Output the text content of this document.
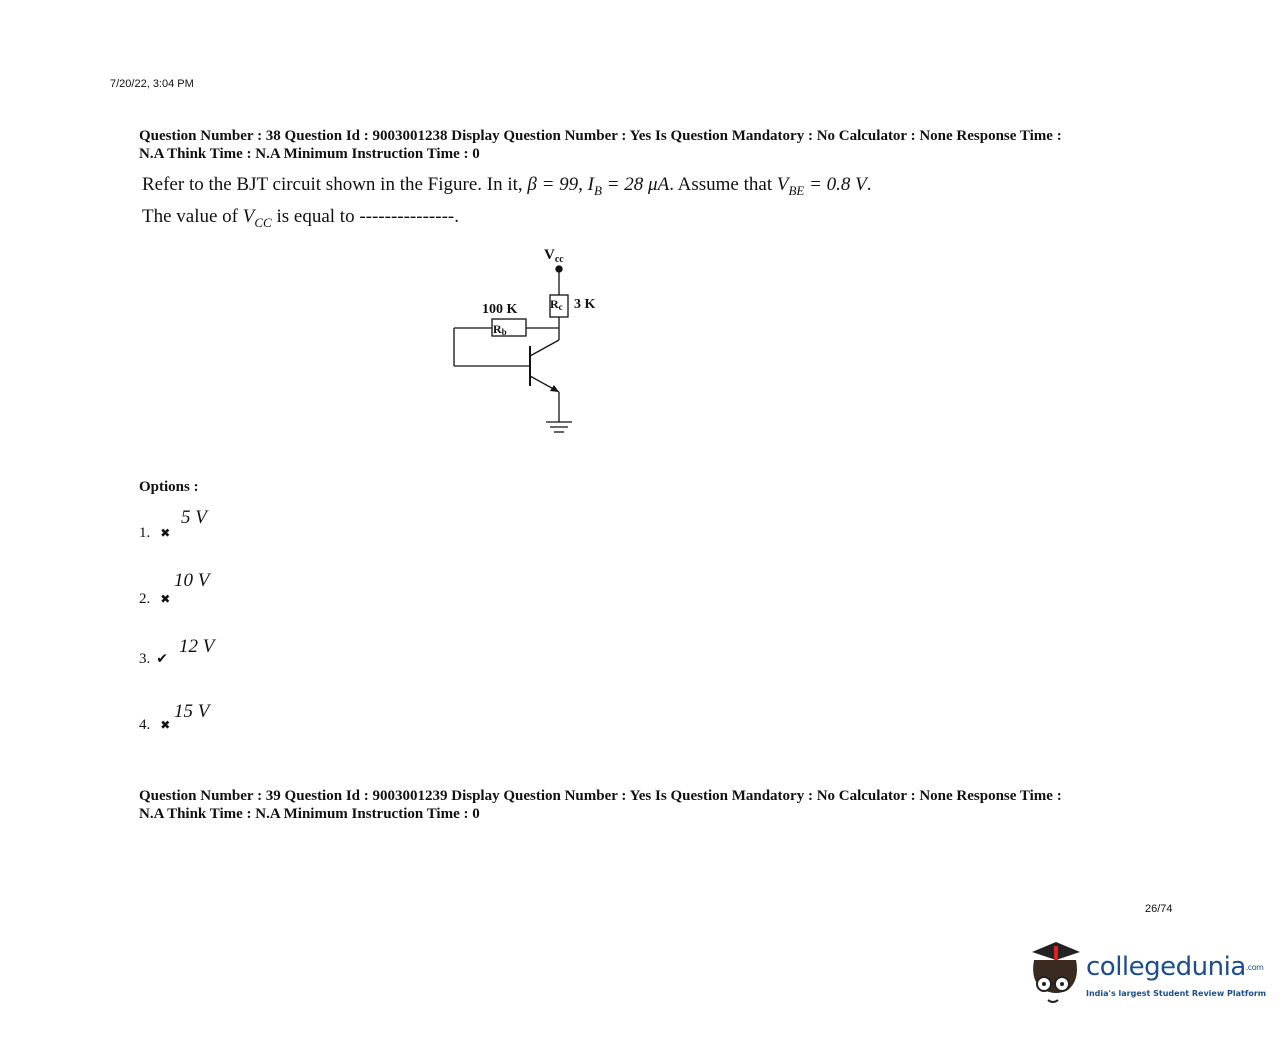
7/20/22, 3:04 PM
Question Number : 38 Question Id : 9003001238 Display Question Number : Yes Is Question Mandatory : No Calculator : None Response Time :
N.A Think Time : N.A Minimum Instruction Time : 0
Refer to the BJT circuit shown in the Figure. In it, β = 99, $I_B = 28$ μA. Assume that $V_{BE} = 0.8$ V.
The value of $V_{CC}$ is equal to ---------------.
$V_{cc}$
100 K
Rb
Rc 3 K
Options :
1. ✖
5 V
2. ✖
10 V
3. ✔
12 V
4. ✖
15 V
Question Number : 39 Question Id : 9003001239 Display Question Number : Yes Is Question Mandatory : No Calculator : None Response Time :
N.A Think Time : N.A Minimum Instruction Time : 0
26/74
collegedunia.com
India's largest Student Review Platform
